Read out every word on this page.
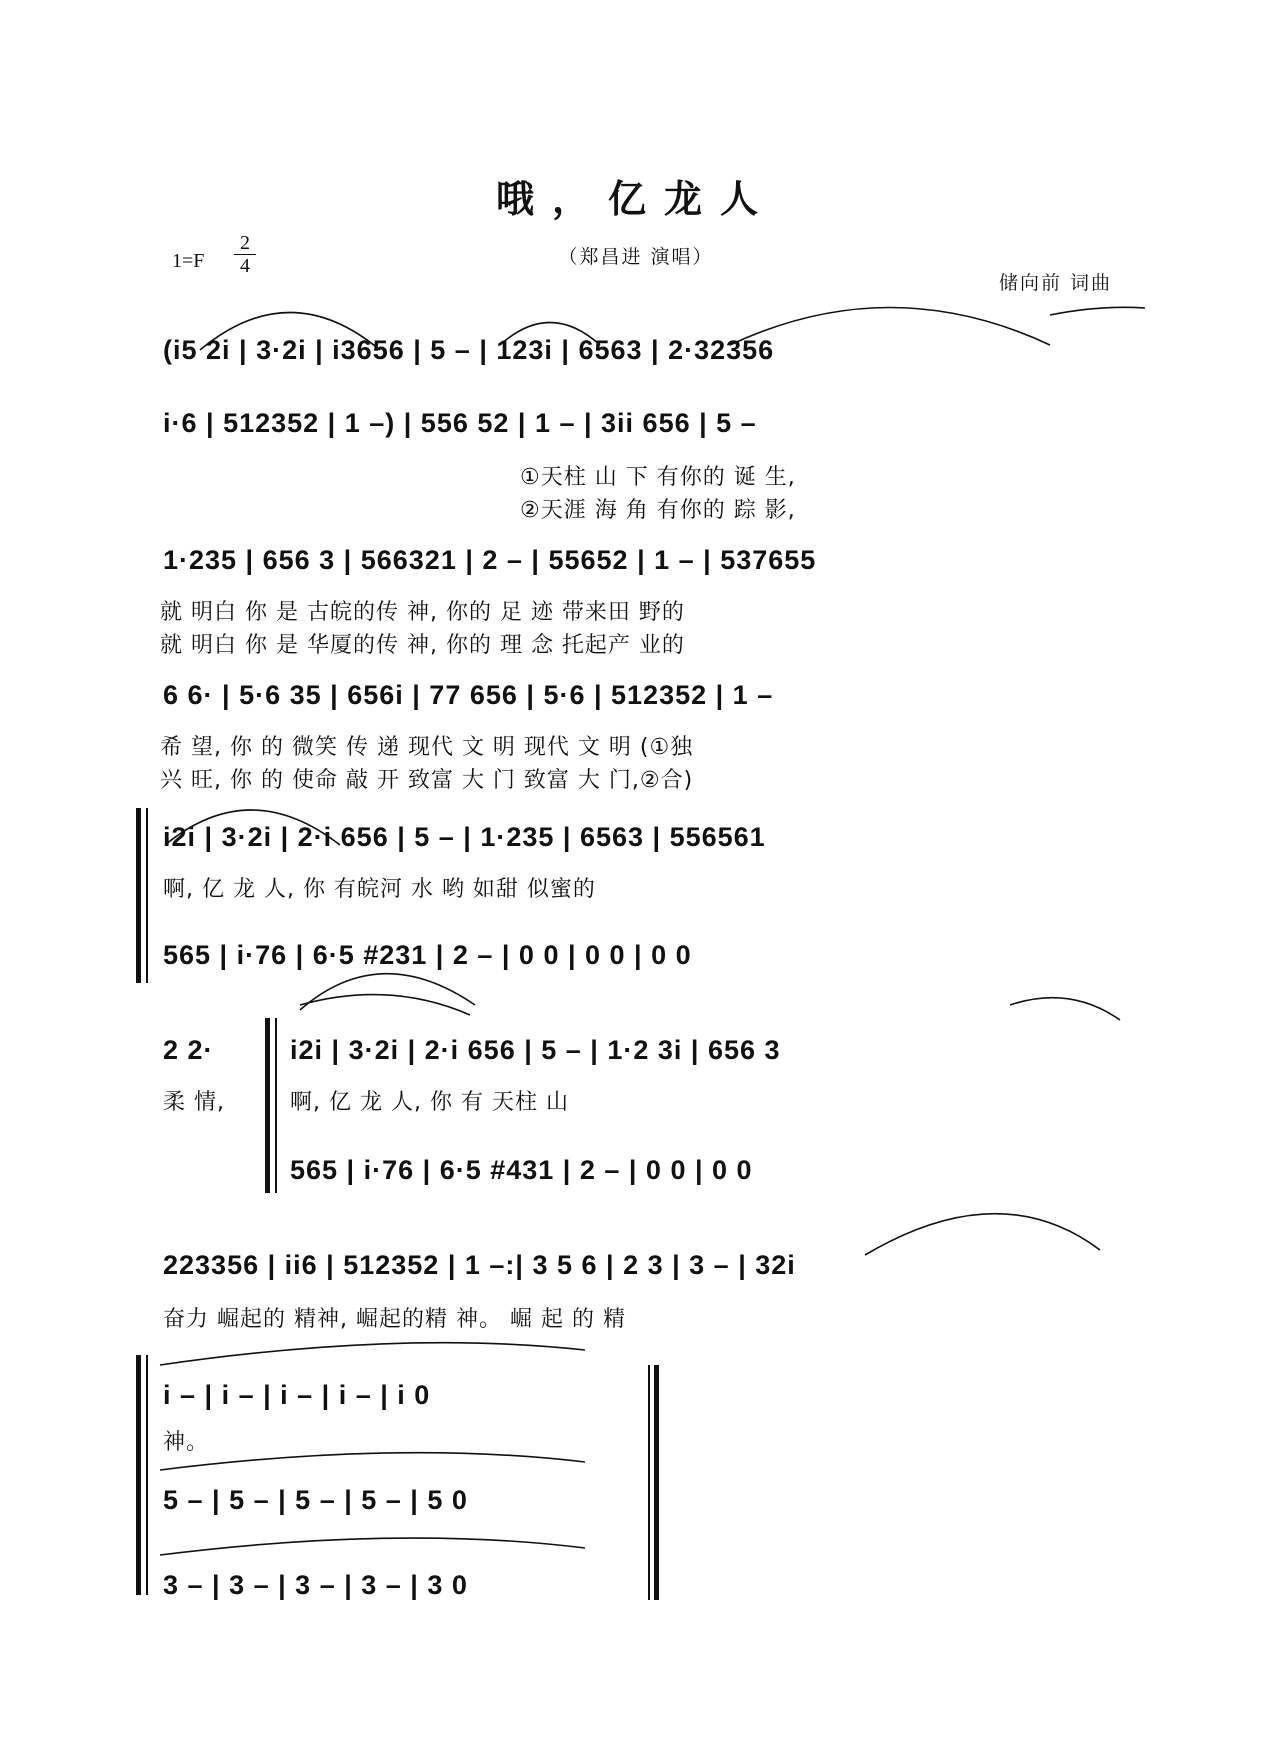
哦，亿龙人
$1=F \frac{2}{4}$	（郑昌进 演唱）
储向前 词曲
(i5 2i | 3·2i | i3656 | 5 – | 123i | 6563 | 2·32356
i·6 | 512352 | 1 –) | 556 52 | 1 – | 3ii 656 | 5 –
①天柱 山 下 有你的 诞 生,
②天涯 海 角 有你的 踪 影,
1·235 | 656 3 | 566321 | 2 – | 55652 | 1 – | 537655
就 明白 你 是 古皖的传 神, 你的 足 迹 带来田 野的
就 明白 你 是 华厦的传 神, 你的 理 念 托起产 业的
6 6· | 5·6 35 | 656i | 77 656 | 5·6 | 512352 | 1 –
希 望, 你 的 微笑 传 递 现代 文 明 现代 文 明 (①独
兴 旺, 你 的 使命 敲 开 致富 大 门 致富 大 门,②合)
i2i | 3·2i | 2·i 656 | 5 – | 1·235 | 6563 | 556561
啊, 亿 龙 人, 你 有皖河 水 哟 如甜 似蜜的
565 | i·76 | 6·5 #231 | 2 – | 0 0 | 0 0 | 0 0
2 2·
柔 情,
i2i | 3·2i | 2·i 656 | 5 – | 1·2 3i | 656 3
啊, 亿 龙 人, 你 有 天柱 山
565 | i·76 | 6·5 #431 | 2 – | 0 0 | 0 0
223356 | ii6 | 512352 | 1 –:| 3 5 6 | 2 3 | 3 – | 32i
奋力 崛起的 精神, 崛起的精 神。 崛 起 的 精
i – | i – | i – | i – | i 0
神。
5 – | 5 – | 5 – | 5 – | 5 0
3 – | 3 – | 3 – | 3 – | 3 0
